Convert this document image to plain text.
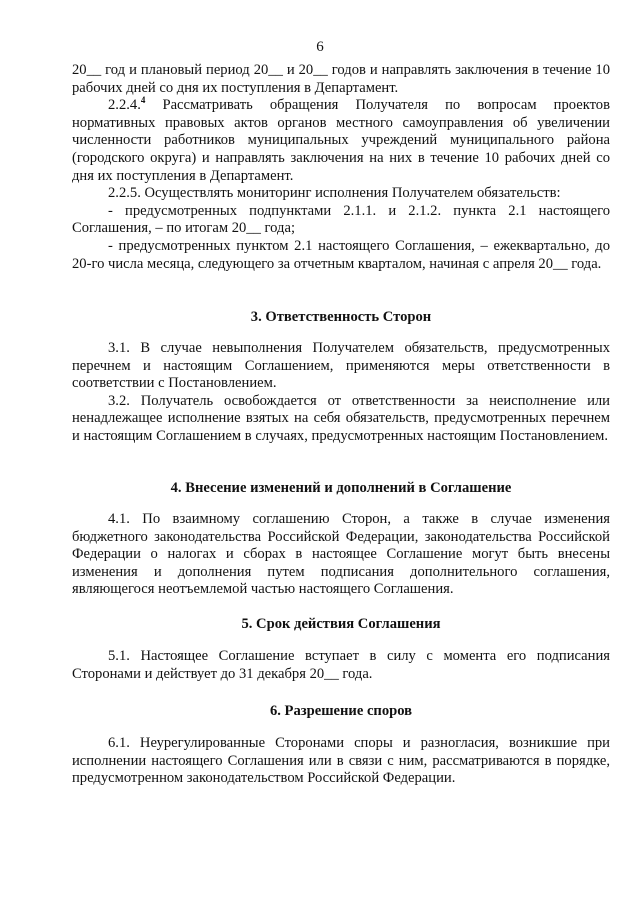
6

20__ год и плановый период 20__ и 20__ годов и направлять заключения в течение 10 рабочих дней со дня их поступления в Департамент.

2.2.4.$^4$ Рассматривать обращения Получателя по вопросам проектов нормативных правовых актов органов местного самоуправления об увеличении численности работников муниципальных учреждений муниципального района (городского округа) и направлять заключения на них в течение 10 рабочих дней со дня их поступления в Департамент.

2.2.5. Осуществлять мониторинг исполнения Получателем обязательств:

- предусмотренных подпунктами 2.1.1. и 2.1.2. пункта 2.1 настоящего Соглашения, – по итогам 20__ года;

- предусмотренных пунктом 2.1 настоящего Соглашения, – ежеквартально, до 20-го числа месяца, следующего за отчетным кварталом, начиная с апреля 20__ года.

3. Ответственность Сторон

3.1. В случае невыполнения Получателем обязательств, предусмотренных перечнем и настоящим Соглашением, применяются меры ответственности в соответствии с Постановлением.

3.2. Получатель освобождается от ответственности за неисполнение или ненадлежащее исполнение взятых на себя обязательств, предусмотренных перечнем и настоящим Соглашением в случаях, предусмотренных настоящим Постановлением.

4. Внесение изменений и дополнений в Соглашение

4.1. По взаимному соглашению Сторон, а также в случае изменения бюджетного законодательства Российской Федерации, законодательства Российской Федерации о налогах и сборах в настоящее Соглашение могут быть внесены изменения и дополнения путем подписания дополнительного соглашения, являющегося неотъемлемой частью настоящего Соглашения.

5. Срок действия Соглашения

5.1. Настоящее Соглашение вступает в силу с момента его подписания Сторонами и действует до 31 декабря 20__ года.

6. Разрешение споров

6.1. Неурегулированные Сторонами споры и разногласия, возникшие при исполнении настоящего Соглашения или в связи с ним, рассматриваются в порядке, предусмотренном законодательством Российской Федерации.
